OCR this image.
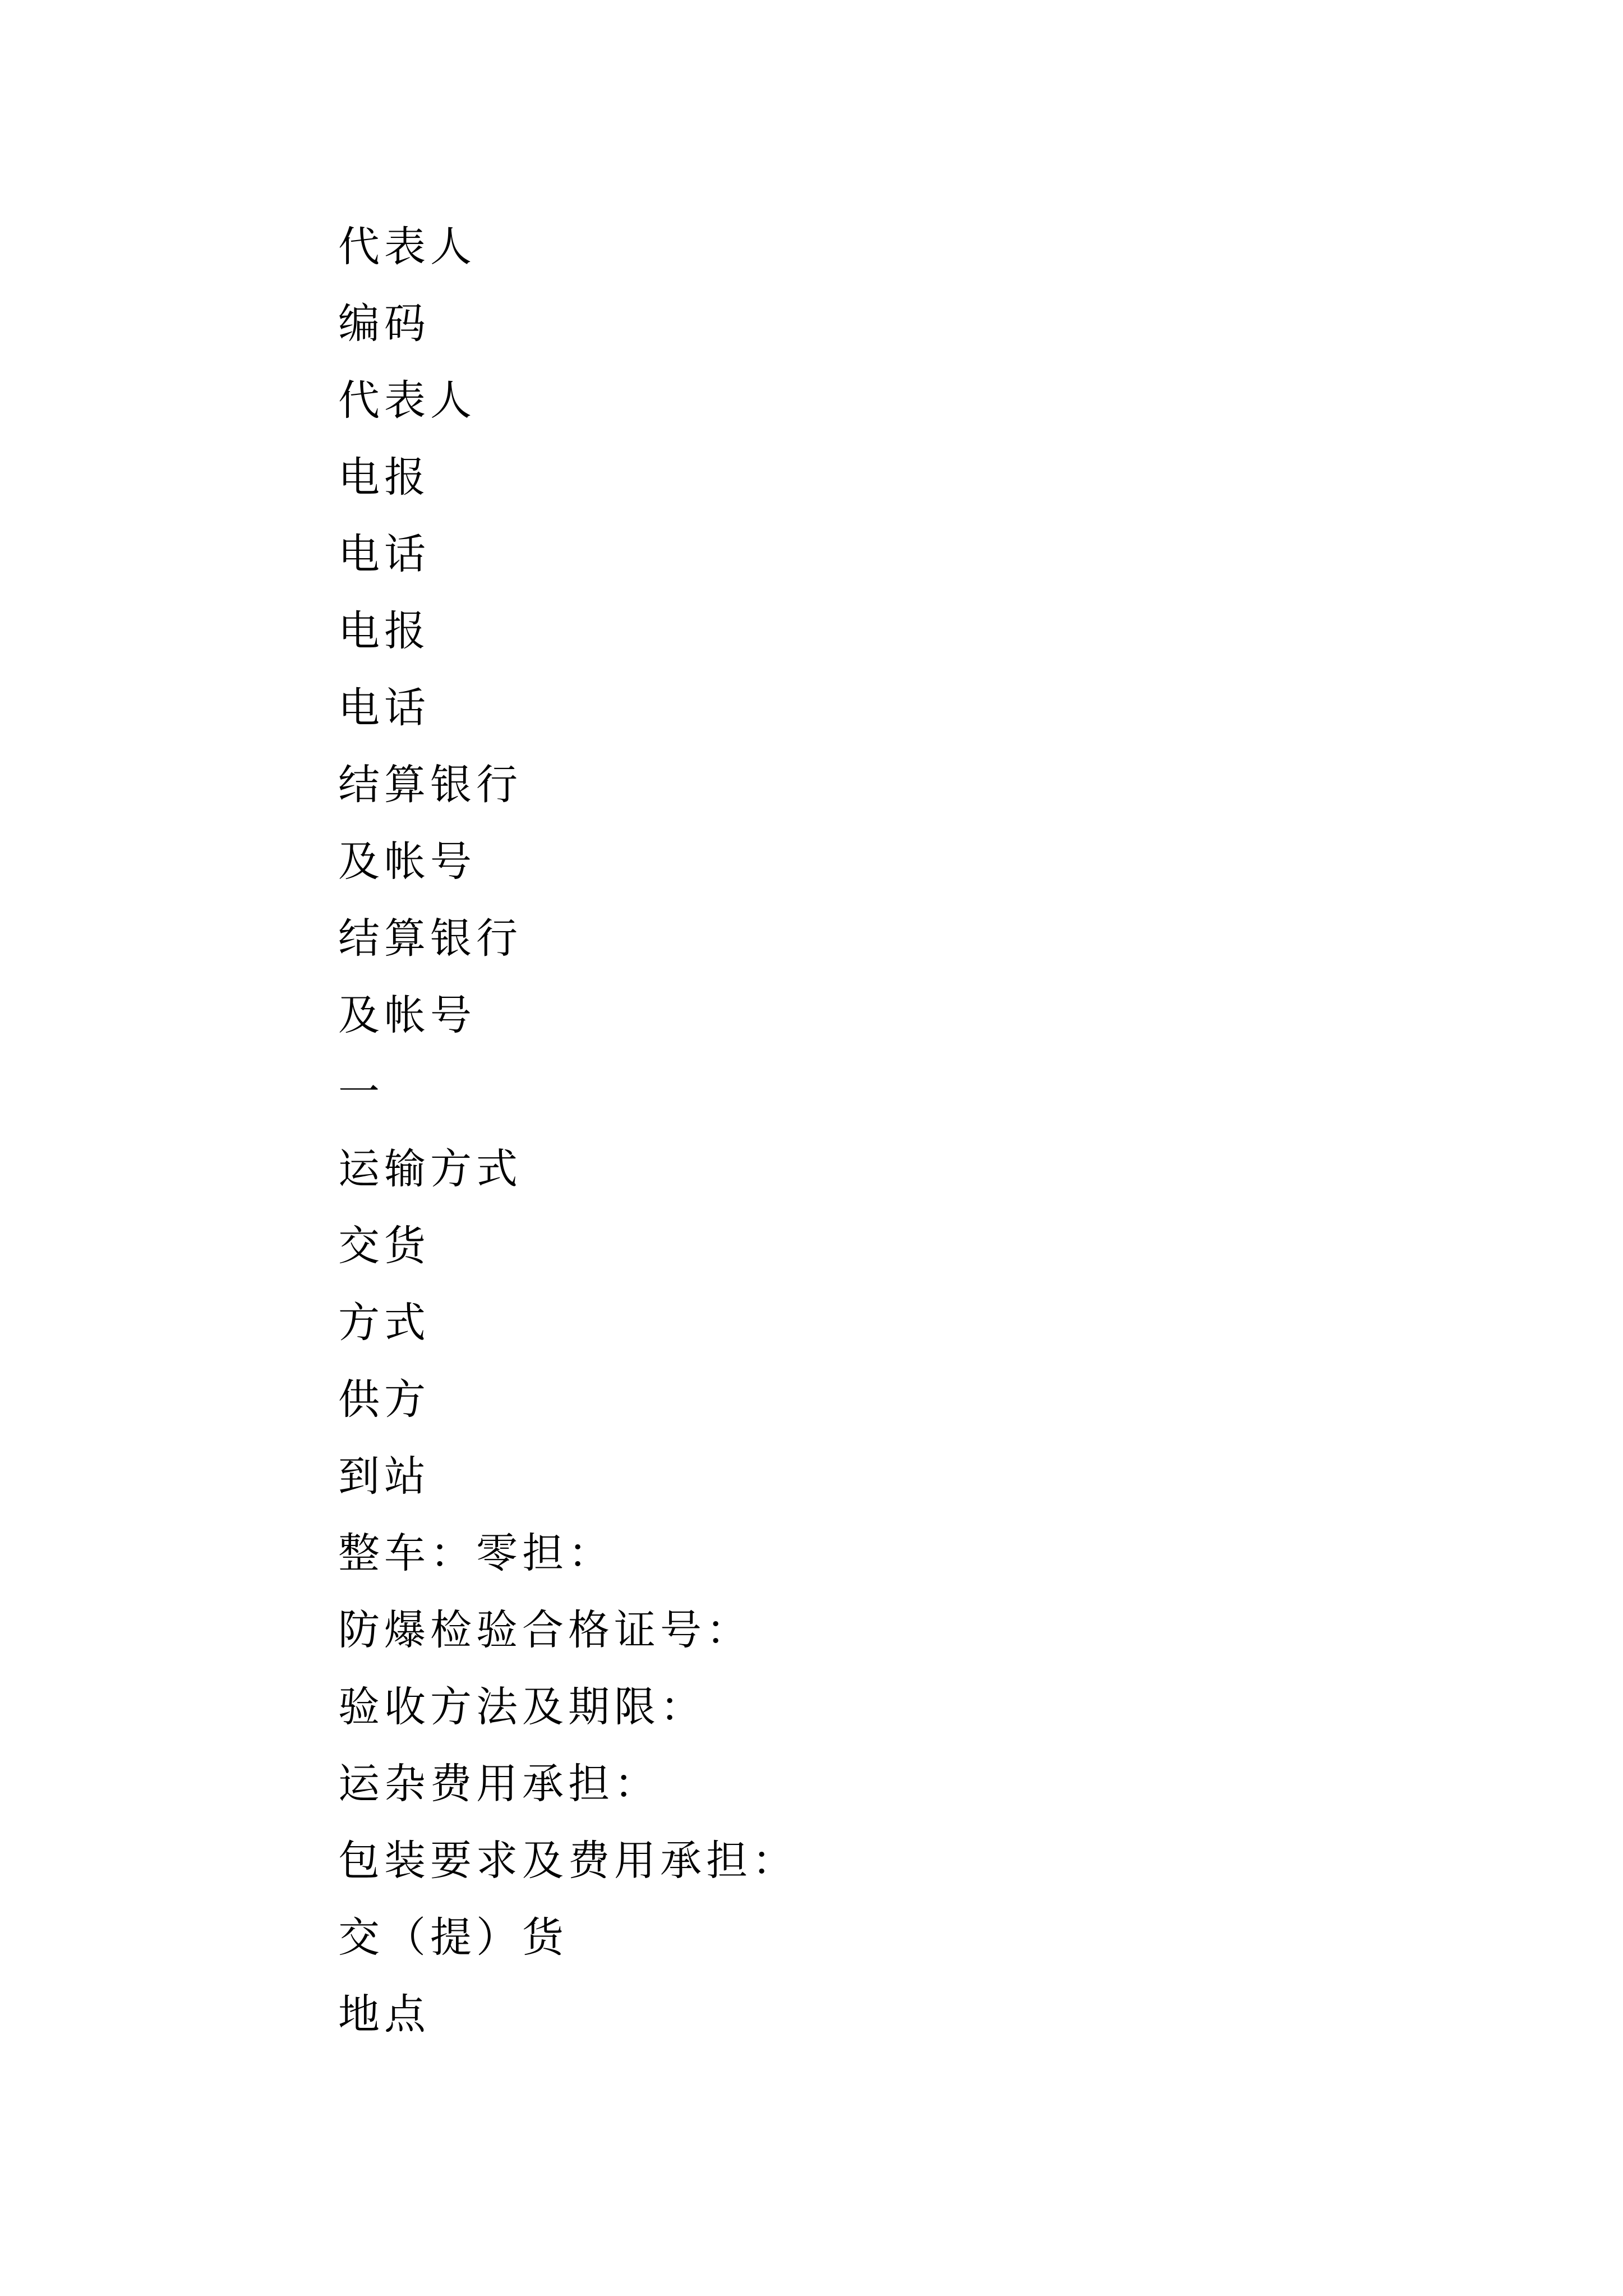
代表人
编码
代表人
电报
电话
电报
电话
结算银行
及帐号
结算银行
及帐号
一
运输方式
交货
方式
供方
到站
整车：零担：
防爆检验合格证号：
验收方法及期限：
运杂费用承担：
包装要求及费用承担：
交（提）货
地点
